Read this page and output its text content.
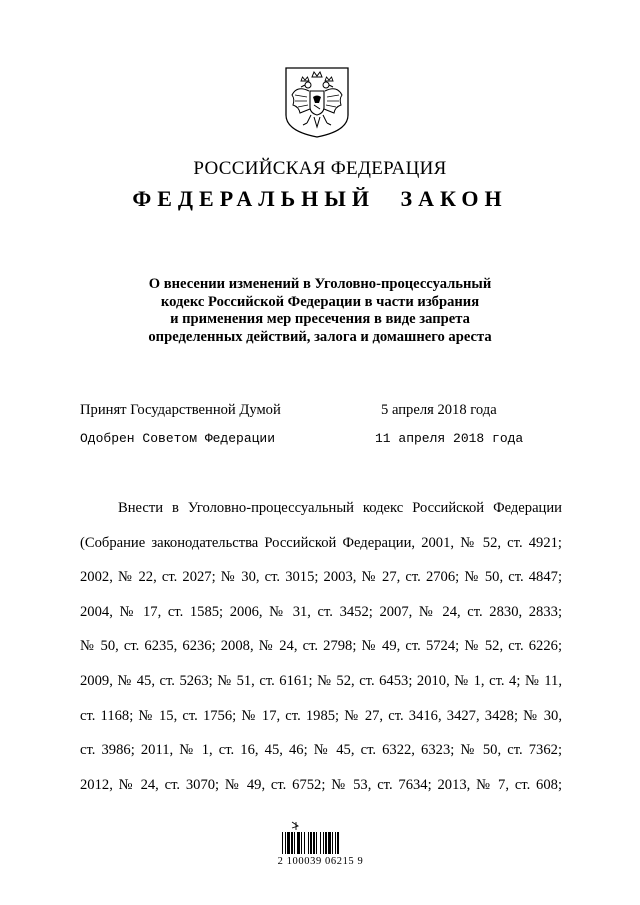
РОССИЙСКАЯ ФЕДЕРАЦИЯ
ФЕДЕРАЛЬНЫЙ ЗАКОН
О внесении изменений в Уголовно-процессуальный
кодекс Российской Федерации в части избрания
и применения мер пресечения в виде запрета
определенных действий, залога и домашнего ареста
Принят Государственной Думой	5 апреля 2018 года
Одобрен Советом Федерации	11 апреля 2018 года
Внести в Уголовно-процессуальный кодекс Российской Федерации
(Собрание законодательства Российской Федерации, 2001, № 52, ст. 4921;
2002, № 22, ст. 2027; № 30, ст. 3015; 2003, № 27, ст. 2706; № 50, ст. 4847;
2004, № 17, ст. 1585; 2006, № 31, ст. 3452; 2007, № 24, ст. 2830, 2833;
№ 50, ст. 6235, 6236; 2008, № 24, ст. 2798; № 49, ст. 5724; № 52, ст. 6226;
2009, № 45, ст. 5263; № 51, ст. 6161; № 52, ст. 6453; 2010, № 1, ст. 4; № 11,
ст. 1168; № 15, ст. 1756; № 17, ст. 1985; № 27, ст. 3416, 3427, 3428; № 30,
ст. 3986; 2011, № 1, ст. 16, 45, 46; № 45, ст. 6322, 6323; № 50, ст. 7362;
2012, № 24, ст. 3070; № 49, ст. 6752; № 53, ст. 7634; 2013, № 7, ст. 608;
2 100039 06215 9
